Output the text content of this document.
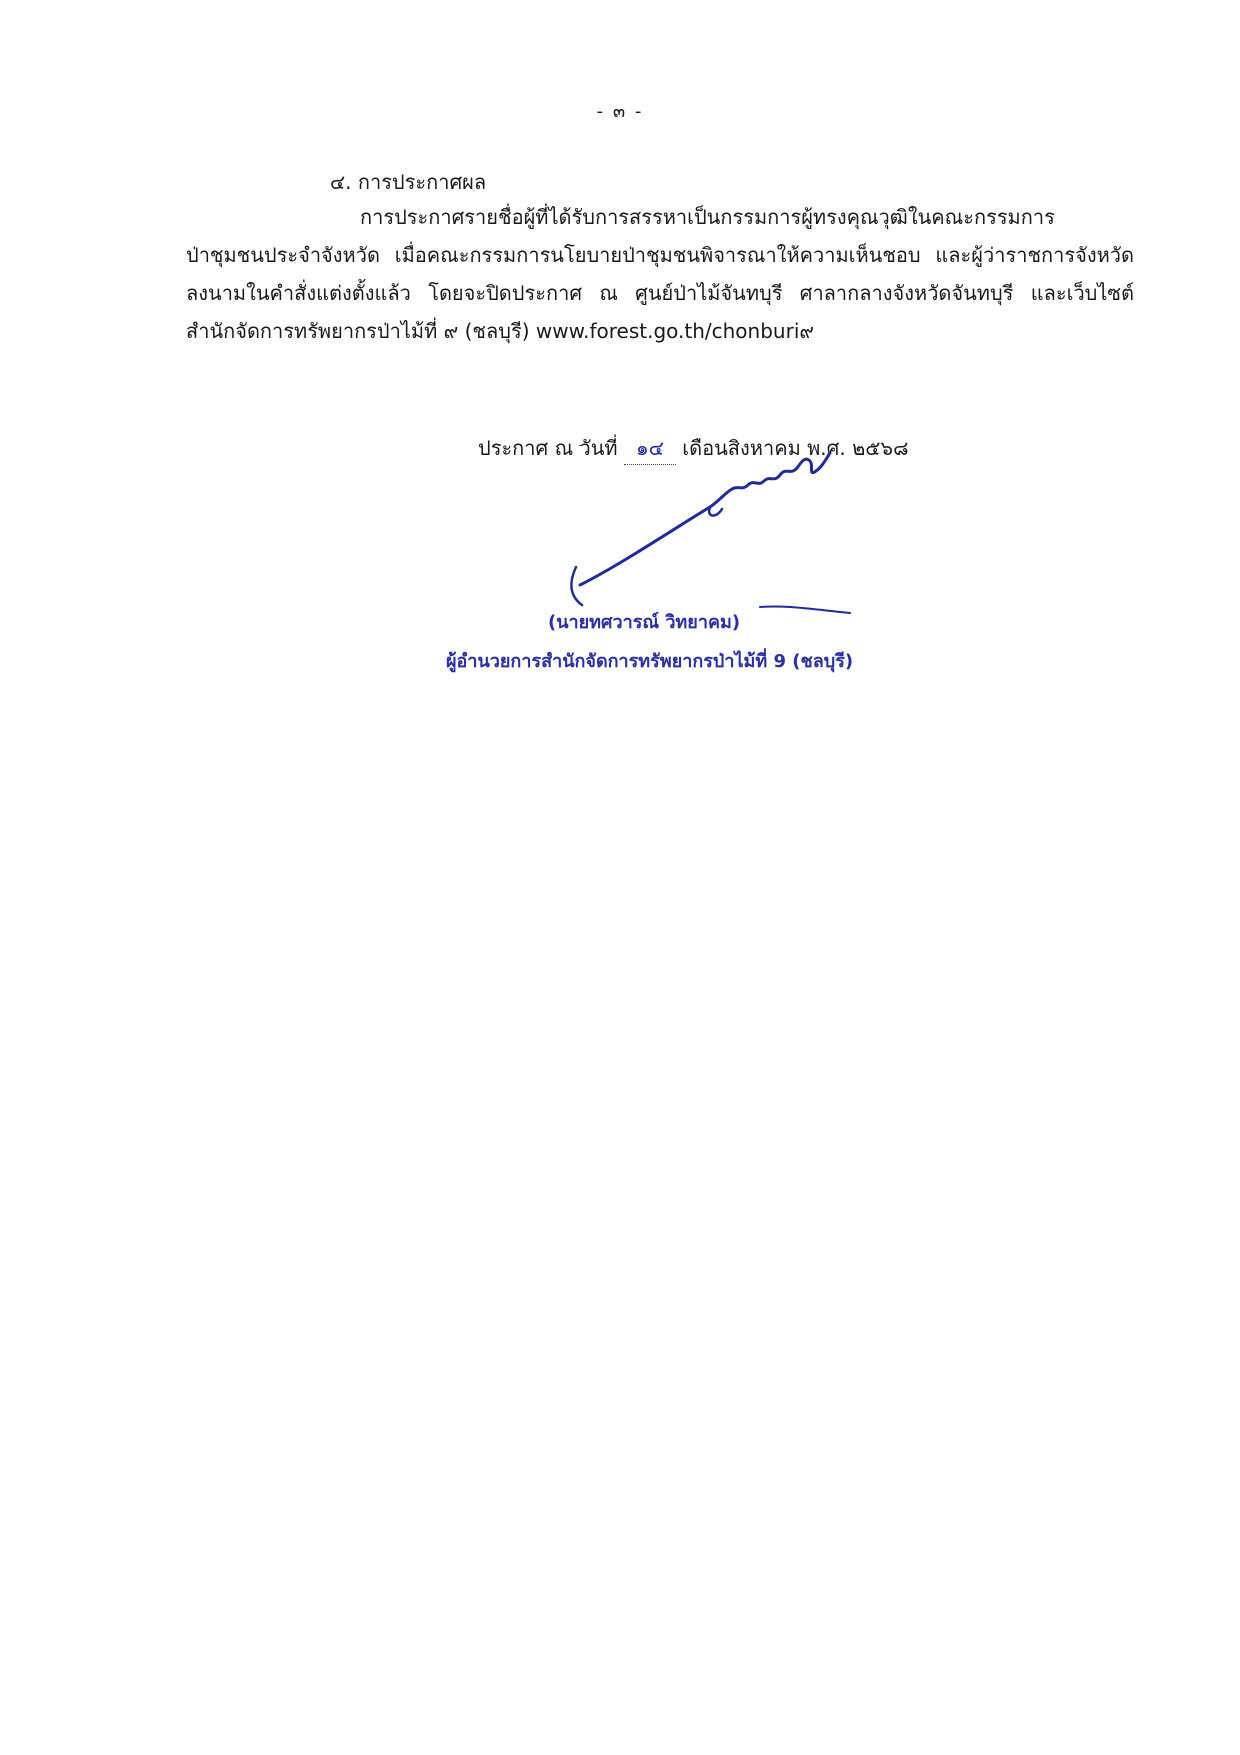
- ๓ -
๔. การประกาศผล
การประกาศรายชื่อผู้ที่ได้รับการสรรหาเป็นกรรมการผู้ทรงคุณวุฒิในคณะกรรมการ
ป่าชุมชนประจำจังหวัด เมื่อคณะกรรมการนโยบายป่าชุมชนพิจารณาให้ความเห็นชอบ และผู้ว่าราชการจังหวัด
ลงนามในคำสั่งแต่งตั้งแล้ว โดยจะปิดประกาศ ณ ศูนย์ป่าไม้จันทบุรี ศาลากลางจังหวัดจันทบุรี และเว็บไซต์
สำนักจัดการทรัพยากรป่าไม้ที่ ๙ (ชลบุรี) www.forest.go.th/chonburi๙
ประกาศ ณ วันที่ ๑๔ เดือนสิงหาคม พ.ศ. ๒๕๖๘
(นายทศวารณ์ วิทยาคม)
ผู้อำนวยการสำนักจัดการทรัพยากรป่าไม้ที่ 9 (ชลบุรี)
